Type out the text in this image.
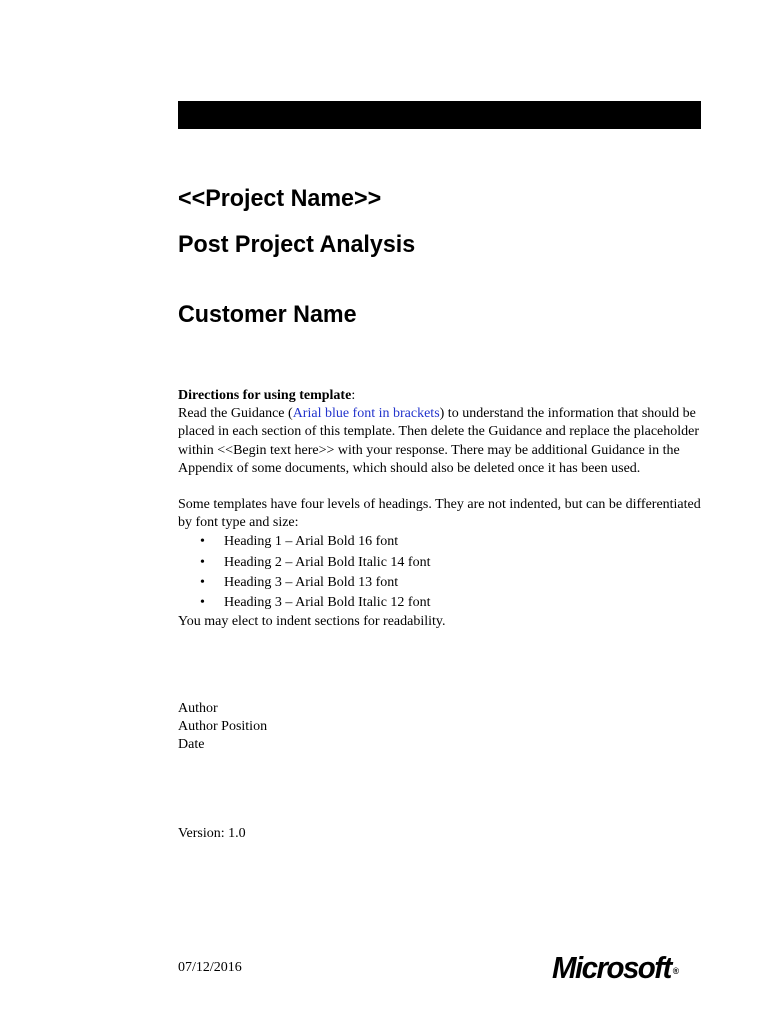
<<Project Name>>
Post Project Analysis
Customer Name
Directions for using template:
Read the Guidance (Arial blue font in brackets) to understand the information that should be placed in each section of this template. Then delete the Guidance and replace the placeholder within <<Begin text here>> with your response. There may be additional Guidance in the Appendix of some documents, which should also be deleted once it has been used.
Some templates have four levels of headings. They are not indented, but can be differentiated by font type and size:
• Heading 1 – Arial Bold 16 font
• Heading 2 – Arial Bold Italic 14 font
• Heading 3 – Arial Bold 13 font
• Heading 3 – Arial Bold Italic 12 font
You may elect to indent sections for readability.
Author
Author Position
Date
Version: 1.0
07/12/2016	Microsoft ®
